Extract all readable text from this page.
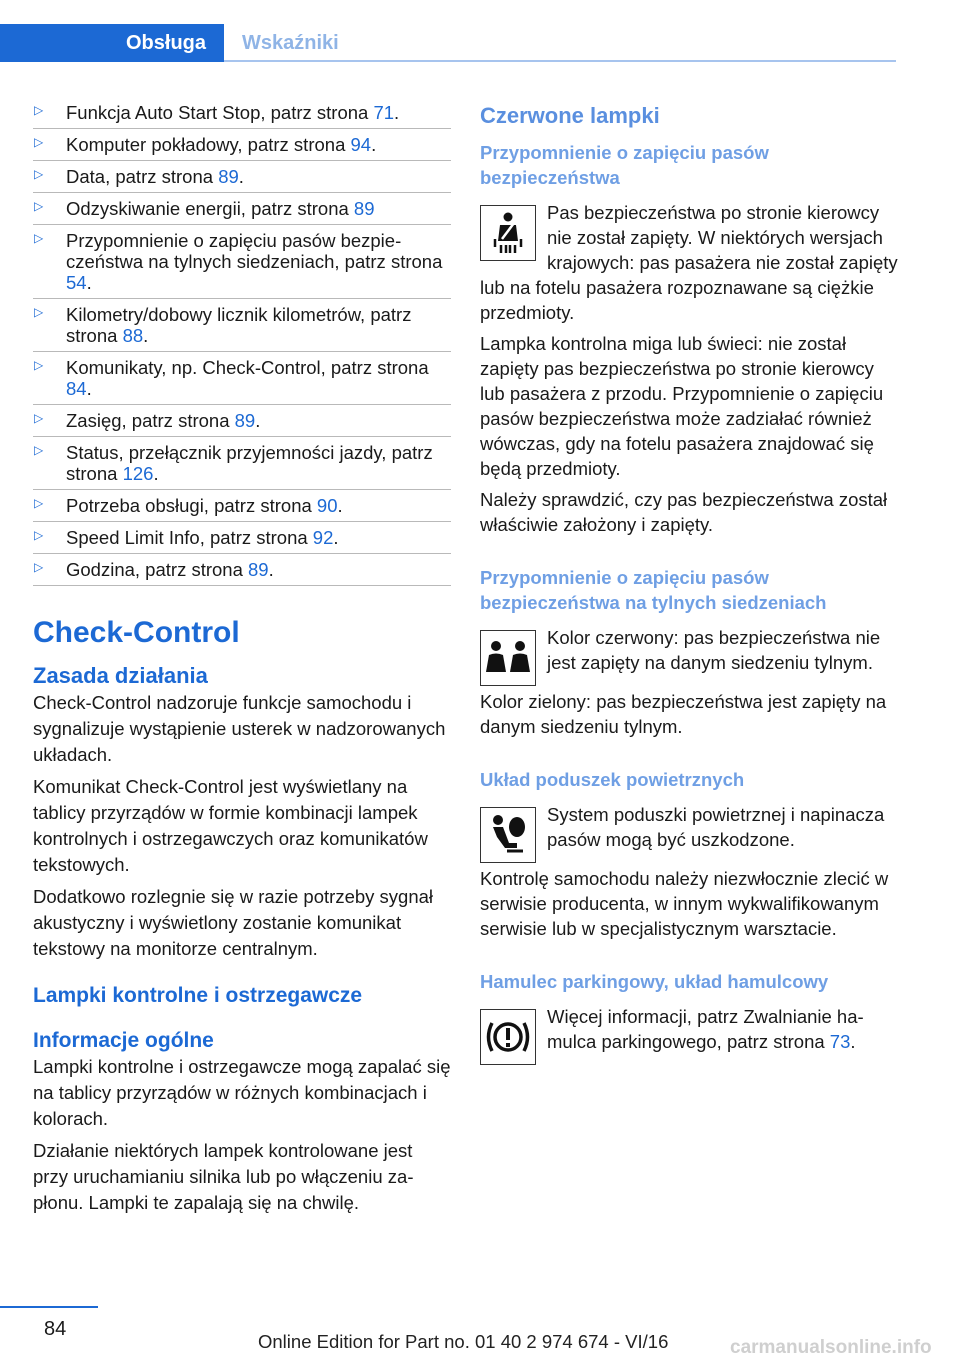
Obsługa	Wskaźniki
▷ Funkcja Auto Start Stop, patrz strona 71.
▷ Komputer pokładowy, patrz strona 94.
▷ Data, patrz strona 89.
▷ Odzyskiwanie energii, patrz strona 89
▷ Przypomnienie o zapięciu pasów bezpieczeństwa na tylnych siedzeniach, patrz strona 54.
▷ Kilometry/dobowy licznik kilometrów, patrz strona 88.
▷ Komunikaty, np. Check-Control, patrz strona 84.
▷ Zasięg, patrz strona 89.
▷ Status, przełącznik przyjemności jazdy, patrz strona 126.
▷ Potrzeba obsługi, patrz strona 90.
▷ Speed Limit Info, patrz strona 92.
▷ Godzina, patrz strona 89.
Check-Control
Zasada działania
Check-Control nadzoruje funkcje samochodu i sygnalizuje wystąpienie usterek w nadzorowanych układach.
Komunikat Check-Control jest wyświetlany na tablicy przyrządów w formie kombinacji lampek kontrolnych i ostrzegawczych oraz komunikatów tekstowych.
Dodatkowo rozlegnie się w razie potrzeby sygnał akustyczny i wyświetlony zostanie komunikat tekstowy na monitorze centralnym.
Lampki kontrolne i ostrzegawcze
Informacje ogólne
Lampki kontrolne i ostrzegawcze mogą zapalać się na tablicy przyrządów w różnych kombinacjach i kolorach.
Działanie niektórych lampek kontrolowane jest przy uruchamianiu silnika lub po włączeniu zapłonu. Lampki te zapalają się na chwilę.
Czerwone lampki
Przypomnienie o zapięciu pasów bezpieczeństwa
Pas bezpieczeństwa po stronie kierowcy nie został zapięty. W niektórych wersjach krajowych: pas pasażera nie został zapięty lub na fotelu pasażera rozpoznawane są ciężkie przedmioty.
Lampka kontrolna miga lub świeci: nie został zapięty pas bezpieczeństwa po stronie kierowcy lub pasażera z przodu. Przypomnienie o zapięciu pasów bezpieczeństwa może zadziałać również wówczas, gdy na fotelu pasażera znajdować się będą przedmioty.
Należy sprawdzić, czy pas bezpieczeństwa został właściwie założony i zapięty.
Przypomnienie o zapięciu pasów bezpieczeństwa na tylnych siedzeniach
Kolor czerwony: pas bezpieczeństwa nie jest zapięty na danym siedzeniu tylnym.
Kolor zielony: pas bezpieczeństwa jest zapięty na danym siedzeniu tylnym.
Układ poduszek powietrznych
System poduszki powietrznej i napinacza pasów mogą być uszkodzone.
Kontrolę samochodu należy niezwłocznie zlecić w serwisie producenta, w innym wykwalifikowanym serwisie lub w specjalistycznym warsztacie.
Hamulec parkingowy, układ hamulcowy
Więcej informacji, patrz Zwalnianie hamulca parkingowego, patrz strona 73.
84
Online Edition for Part no. 01 40 2 974 674 - VI/16	carmanualsonline.info
